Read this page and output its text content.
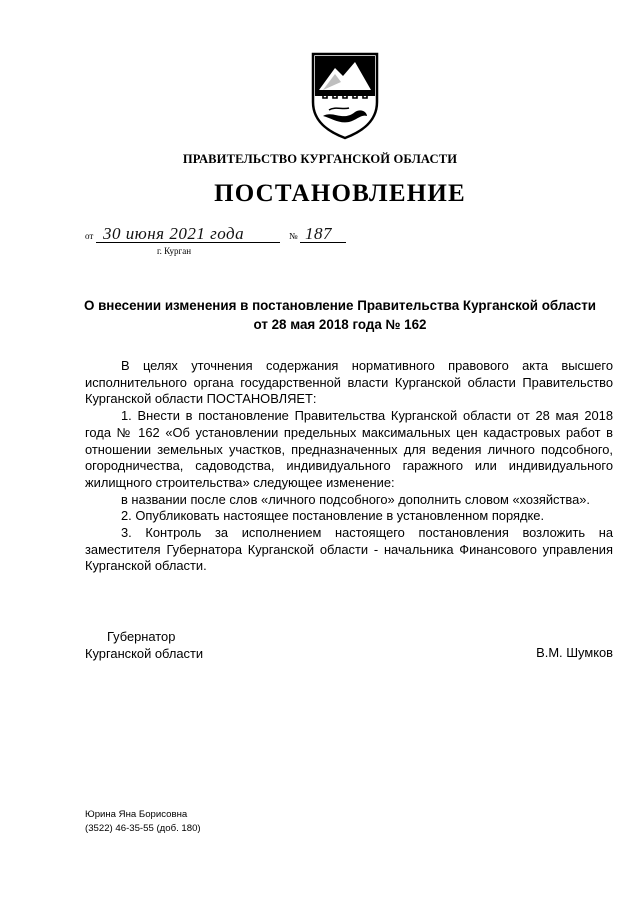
ПРАВИТЕЛЬСТВО КУРГАНСКОЙ ОБЛАСТИ
ПОСТАНОВЛЕНИЕ
от 30 июня 2021 года	№ 187
г. Курган
О внесении изменения в постановление Правительства Курганской области от 28 мая 2018 года № 162

В целях уточнения содержания нормативного правового акта высшего исполнительного органа государственной власти Курганской области Правительство Курганской области ПОСТАНОВЛЯЕТ:

1. Внести в постановление Правительства Курганской области от 28 мая 2018 года № 162 «Об установлении предельных максимальных цен кадастровых работ в отношении земельных участков, предназначенных для ведения личного подсобного, огородничества, садоводства, индивидуального гаражного или индивидуального жилищного строительства» следующее изменение:

в названии после слов «личного подсобного» дополнить словом «хозяйства».

2. Опубликовать настоящее постановление в установленном порядке.

3. Контроль за исполнением настоящего постановления возложить на заместителя Губернатора Курганской области - начальника Финансового управления Курганской области.

Губернатор
Курганской области	В.М. Шумков
Юрина Яна Борисовна
(3522) 46-35-55 (доб. 180)
